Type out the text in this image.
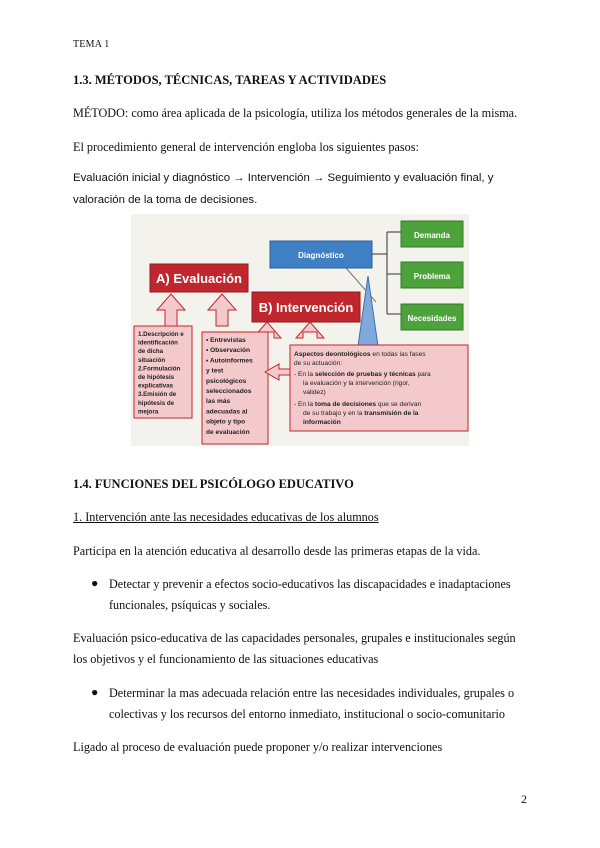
TEMA 1
1.3. MÉTODOS, TÉCNICAS, TAREAS Y ACTIVIDADES
MÉTODO: como área aplicada de la psicología, utiliza los métodos generales de la misma.
El procedimiento general de intervención engloba los siguientes pasos:
Evaluación inicial y diagnóstico → Intervención → Seguimiento y evaluación final, y
valoración de la toma de decisiones.
Demanda
Problema
Necesidades
Diagnóstico
A) Evaluación
B) Intervención
1.Descripción e
identificación
de dicha
situación
2.Formulación
de hipótesis
explicativas
3.Emisión de
hipótesis de
mejora
• Entrevistas
• Observación
• Autoinformes
y test
psicológicos
seleccionados
las más
adecuadas al
objeto y tipo
de evaluación
Aspectos deontológicos en todas las fases
de su actuación:
- En la selección de pruebas y técnicas para
la evaluación y la intervención (rigor,
validez)
- En la toma de decisiones que se derivan
de su trabajo y en la transmisión de la
información
1.4. FUNCIONES DEL PSICÓLOGO EDUCATIVO
1. Intervención ante las necesidades educativas de los alumnos
Participa en la atención educativa al desarrollo desde las primeras etapas de la vida.
● Detectar y prevenir a efectos socio-educativos las discapacidades e inadaptaciones
funcionales, psíquicas y sociales.
Evaluación psico-educativa de las capacidades personales, grupales e institucionales según
los objetivos y el funcionamiento de las situaciones educativas
● Determinar la mas adecuada relación entre las necesidades individuales, grupales o
colectivas y los recursos del entorno inmediato, institucional o socio-comunitario
Ligado al proceso de evaluación puede proponer y/o realizar intervenciones
2
